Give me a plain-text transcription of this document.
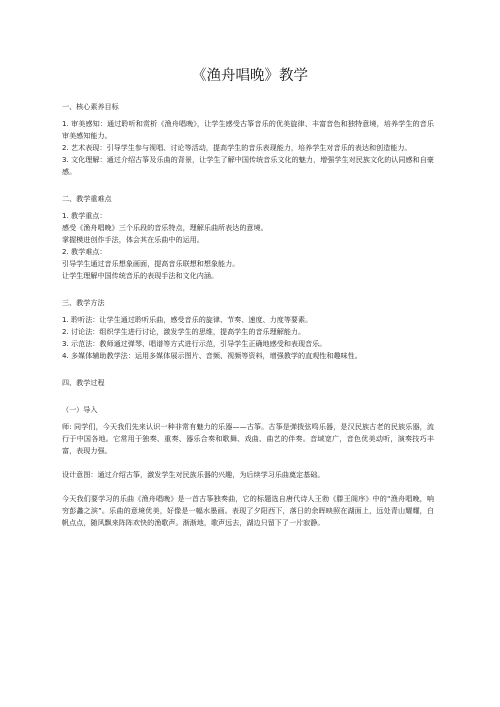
《渔舟唱晚》教学

一、核心素养目标

1. 审美感知：通过聆听和赏析《渔舟唱晚》，让学生感受古筝音乐的优美旋律、丰富音色和独特意境，培养学生的音乐审美感知能力。

2. 艺术表现：引导学生参与视唱、讨论等活动，提高学生的音乐表现能力，培养学生对音乐的表达和创造能力。

3. 文化理解：通过介绍古筝及乐曲的背景，让学生了解中国传统音乐文化的魅力，增强学生对民族文化的认同感和自豪感。

二、教学重难点

1. 教学重点：

感受《渔舟唱晚》三个乐段的音乐特点，理解乐曲所表达的意境。

掌握模进创作手法，体会其在乐曲中的运用。

2. 教学难点：

引导学生通过音乐想象画面，提高音乐联想和想象能力。

让学生理解中国传统音乐的表现手法和文化内涵。

三、教学方法

1. 聆听法：让学生通过聆听乐曲，感受音乐的旋律、节奏、速度、力度等要素。

2. 讨论法：组织学生进行讨论，激发学生的思维，提高学生的音乐理解能力。

3. 示范法：教师通过弹琴、唱谱等方式进行示范，引导学生正确地感受和表现音乐。

4. 多媒体辅助教学法：运用多媒体展示图片、音频、视频等资料，增强教学的直观性和趣味性。

四、教学过程

（一）导入

师: 同学们，今天我们先来认识一种非常有魅力的乐器——古筝。古筝是弹拨弦鸣乐器，是汉民族古老的民族乐器，流行于中国各地。它常用于独奏、重奏、器乐合奏和歌舞、戏曲、曲艺的伴奏。音域宽广，音色优美动听，演奏技巧丰富，表现力强。

设计意图：通过介绍古筝，激发学生对民族乐器的兴趣，为后续学习乐曲奠定基础。

今天我们要学习的乐曲《渔舟唱晚》是一首古筝独奏曲，它的标题选自唐代诗人王勃《滕王阁序》中的“渔舟唱晚，响穷彭蠡之滨”。乐曲的意境优美，好像是一幅水墨画。表现了夕阳西下，落日的余晖映照在湖面上，远处青山耀耀，白帆点点，随风飘来阵阵欢快的渔歌声。渐渐地，歌声远去，湖边只留下了一片寂静。
